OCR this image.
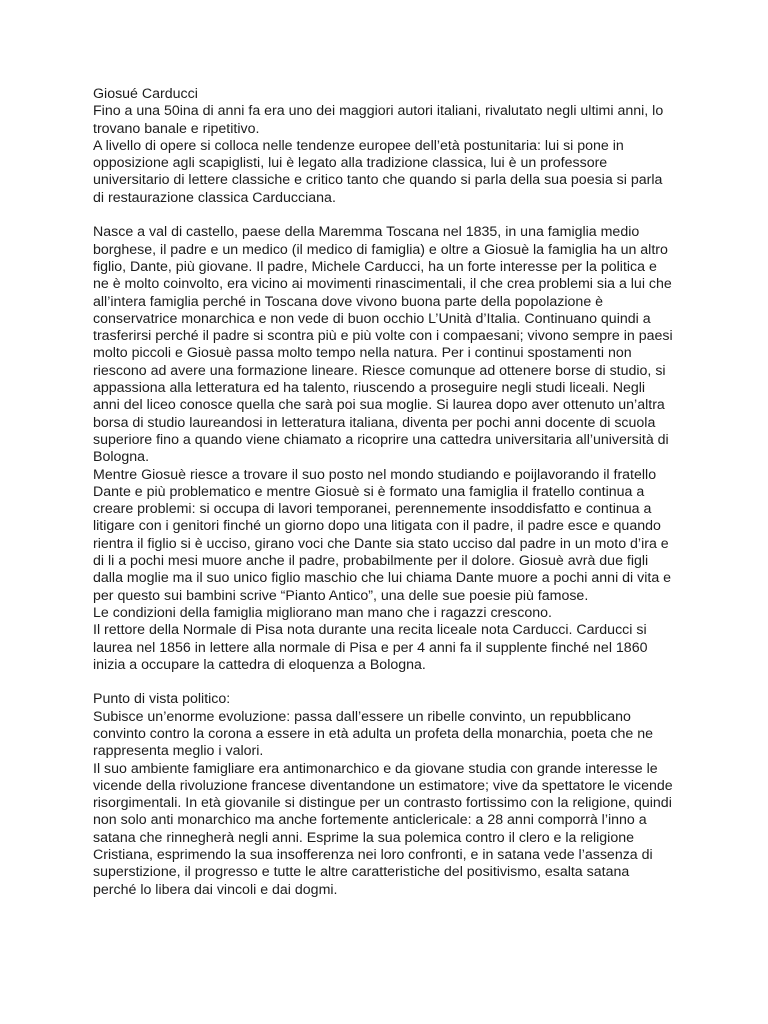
Giosué Carducci
Fino a una 50ina di anni fa era uno dei maggiori autori italiani, rivalutato negli ultimi anni, lo
trovano banale e ripetitivo.
A livello di opere si colloca nelle tendenze europee dell’età postunitaria: lui si pone in
opposizione agli scapiglisti, lui è legato alla tradizione classica, lui è un professore
universitario di lettere classiche e critico tanto che quando si parla della sua poesia si parla
di restaurazione classica Carducciana.
Nasce a val di castello, paese della Maremma Toscana nel 1835, in una famiglia medio
borghese, il padre e un medico (il medico di famiglia) e oltre a Giosuè la famiglia ha un altro
figlio, Dante, più giovane. Il padre, Michele Carducci, ha un forte interesse per la politica e
ne è molto coinvolto, era vicino ai movimenti rinascimentali, il che crea problemi sia a lui che
all’intera famiglia perché in Toscana dove vivono buona parte della popolazione è
conservatrice monarchica e non vede di buon occhio L’Unità d’Italia. Continuano quindi a
trasferirsi perché il padre si scontra più e più volte con i compaesani; vivono sempre in paesi
molto piccoli e Giosuè passa molto tempo nella natura. Per i continui spostamenti non
riescono ad avere una formazione lineare. Riesce comunque ad ottenere borse di studio, si
appassiona alla letteratura ed ha talento, riuscendo a proseguire negli studi liceali. Negli
anni del liceo conosce quella che sarà poi sua moglie. Si laurea dopo aver ottenuto un’altra
borsa di studio laureandosi in letteratura italiana, diventa per pochi anni docente di scuola
superiore fino a quando viene chiamato a ricoprire una cattedra universitaria all’università di
Bologna.
Mentre Giosuè riesce a trovare il suo posto nel mondo studiando e poijlavorando il fratello
Dante e più problematico e mentre Giosuè si è formato una famiglia il fratello continua a
creare problemi: si occupa di lavori temporanei, perennemente insoddisfatto e continua a
litigare con i genitori finché un giorno dopo una litigata con il padre, il padre esce e quando
rientra il figlio si è ucciso, girano voci che Dante sia stato ucciso dal padre in un moto d’ira e
di li a pochi mesi muore anche il padre, probabilmente per il dolore. Giosuè avrà due figli
dalla moglie ma il suo unico figlio maschio che lui chiama Dante muore a pochi anni di vita e
per questo sui bambini scrive “Pianto Antico”, una delle sue poesie più famose.
Le condizioni della famiglia migliorano man mano che i ragazzi crescono.
Il rettore della Normale di Pisa nota durante una recita liceale nota Carducci. Carducci si
laurea nel 1856 in lettere alla normale di Pisa e per 4 anni fa il supplente finché nel 1860
inizia a occupare la cattedra di eloquenza a Bologna.
Punto di vista politico:
Subisce un’enorme evoluzione: passa dall’essere un ribelle convinto, un repubblicano
convinto contro la corona a essere in età adulta un profeta della monarchia, poeta che ne
rappresenta meglio i valori.
Il suo ambiente famigliare era antimonarchico e da giovane studia con grande interesse le
vicende della rivoluzione francese diventandone un estimatore; vive da spettatore le vicende
risorgimentali. In età giovanile si distingue per un contrasto fortissimo con la religione, quindi
non solo anti monarchico ma anche fortemente anticlericale: a 28 anni comporrà l’inno a
satana che rinnegherà negli anni. Esprime la sua polemica contro il clero e la religione
Cristiana, esprimendo la sua insofferenza nei loro confronti, e in satana vede l’assenza di
superstizione, il progresso e tutte le altre caratteristiche del positivismo, esalta satana
perché lo libera dai vincoli e dai dogmi.
